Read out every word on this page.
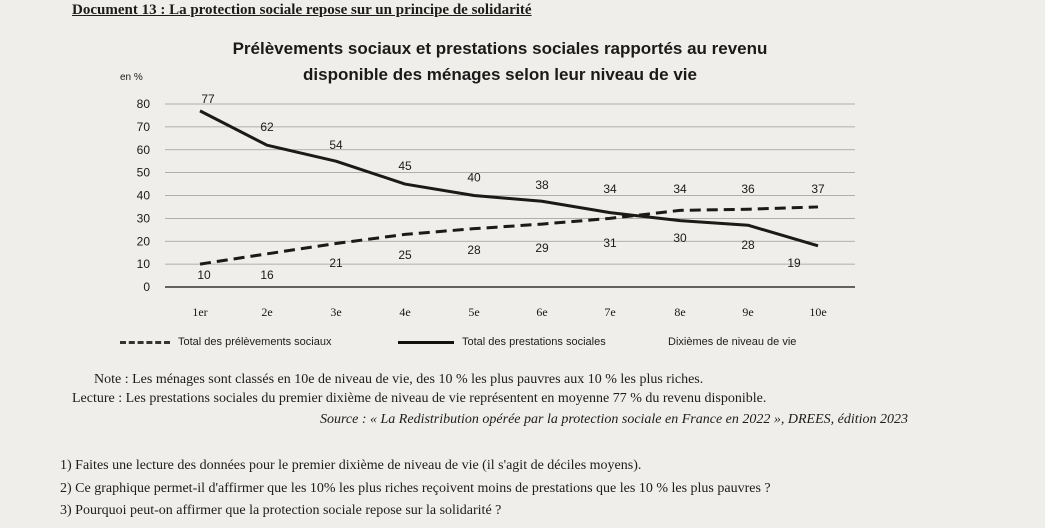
Document 13 : La protection sociale repose sur un principe de solidarité
Prélèvements sociaux et prestations sociales rapportés au revenu
disponible des ménages selon leur niveau de vie
en %
0
10
20
30
40
50
60
70
80
1er	2e	3e	4e	5e	6e	7e	8e	9e	10e
77
62
54
45
40
38	34	34	36	37
10	16
21
25	28	29	31	30	28
19
Total des prélèvements sociaux	Total des prestations sociales	Dixièmes de niveau de vie
Note : Les ménages sont classés en 10e de niveau de vie, des 10 % les plus pauvres aux 10 % les plus riches.
Lecture : Les prestations sociales du premier dixième de niveau de vie représentent en moyenne 77 % du revenu disponible.
Source : « La Redistribution opérée par la protection sociale en France en 2022 », DREES, édition 2023
1) Faites une lecture des données pour le premier dixième de niveau de vie (il s'agit de déciles moyens).
2) Ce graphique permet-il d'affirmer que les 10% les plus riches reçoivent moins de prestations que les 10 % les plus pauvres ?
3) Pourquoi peut-on affirmer que la protection sociale repose sur la solidarité ?
